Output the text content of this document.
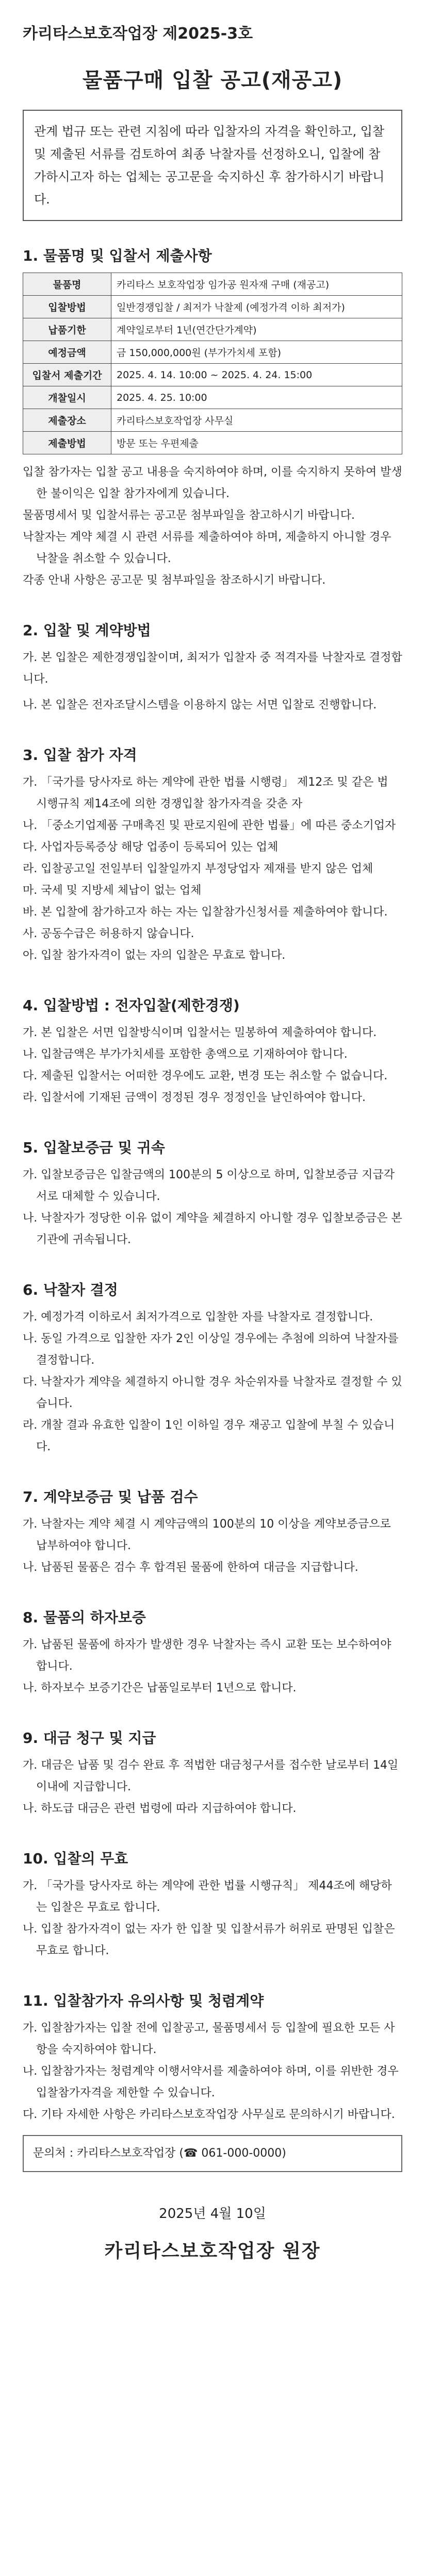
카리타스보호작업장 제2025-3호
물품구매 입찰 공고(재공고)
관계 법규 또는 관련 지침에 따라 입찰자의 자격을 확인하고, 입찰 및 제출된 서류를 검토하여 최종 낙찰자를 선정하오니, 입찰에 참가하시고자 하는 업체는 공고문을 숙지하신 후 참가하시기 바랍니다.
1. 물품명 및 입찰서 제출사항
물품명	카리타스 보호작업장 임가공 원자재 구매 (재공고)
입찰방법	일반경쟁입찰 / 최저가 낙찰제 (예정가격 이하 최저가)
납품기한	계약일로부터 1년(연간단가계약)
예정금액	금 150,000,000원 (부가가치세 포함)
입찰서 제출기간	2025. 4. 14. 10:00 ~ 2025. 4. 24. 15:00
개찰일시	2025. 4. 25. 10:00
제출장소	카리타스보호작업장 사무실
제출방법	방문 또는 우편제출
입찰 참가자는 입찰 공고 내용을 숙지하여야 하며, 이를 숙지하지 못하여 발생한 불이익은 입찰 참가자에게 있습니다.
물품명세서 및 입찰서류는 공고문 첨부파일을 참고하시기 바랍니다.
낙찰자는 계약 체결 시 관련 서류를 제출하여야 하며, 제출하지 아니할 경우 낙찰을 취소할 수 있습니다.
각종 안내 사항은 공고문 및 첨부파일을 참조하시기 바랍니다.
2. 입찰 및 계약방법

가. 본 입찰은 제한경쟁입찰이며, 최저가 입찰자 중 적격자를 낙찰자로 결정합니다.

나. 본 입찰은 전자조달시스템을 이용하지 않는 서면 입찰로 진행합니다.

3. 입찰 참가 자격
가. 「국가를 당사자로 하는 계약에 관한 법률 시행령」 제12조 및 같은 법 시행규칙 제14조에 의한 경쟁입찰 참가자격을 갖춘 자
나. 「중소기업제품 구매촉진 및 판로지원에 관한 법률」에 따른 중소기업자
다. 사업자등록증상 해당 업종이 등록되어 있는 업체
라. 입찰공고일 전일부터 입찰일까지 부정당업자 제재를 받지 않은 업체
마. 국세 및 지방세 체납이 없는 업체
바. 본 입찰에 참가하고자 하는 자는 입찰참가신청서를 제출하여야 합니다.
사. 공동수급은 허용하지 않습니다.
아. 입찰 참가자격이 없는 자의 입찰은 무효로 합니다.
4. 입찰방법 : 전자입찰(제한경쟁)
가. 본 입찰은 서면 입찰방식이며 입찰서는 밀봉하여 제출하여야 합니다.
나. 입찰금액은 부가가치세를 포함한 총액으로 기재하여야 합니다.
다. 제출된 입찰서는 어떠한 경우에도 교환, 변경 또는 취소할 수 없습니다.
라. 입찰서에 기재된 금액이 정정된 경우 정정인을 날인하여야 합니다.
5. 입찰보증금 및 귀속
가. 입찰보증금은 입찰금액의 100분의 5 이상으로 하며, 입찰보증금 지급각서로 대체할 수 있습니다.
나. 낙찰자가 정당한 이유 없이 계약을 체결하지 아니할 경우 입찰보증금은 본 기관에 귀속됩니다.
6. 낙찰자 결정
가. 예정가격 이하로서 최저가격으로 입찰한 자를 낙찰자로 결정합니다.
나. 동일 가격으로 입찰한 자가 2인 이상일 경우에는 추첨에 의하여 낙찰자를 결정합니다.
다. 낙찰자가 계약을 체결하지 아니할 경우 차순위자를 낙찰자로 결정할 수 있습니다.
라. 개찰 결과 유효한 입찰이 1인 이하일 경우 재공고 입찰에 부칠 수 있습니다.
7. 계약보증금 및 납품 검수
가. 낙찰자는 계약 체결 시 계약금액의 100분의 10 이상을 계약보증금으로 납부하여야 합니다.
나. 납품된 물품은 검수 후 합격된 물품에 한하여 대금을 지급합니다.
8. 물품의 하자보증
가. 납품된 물품에 하자가 발생한 경우 낙찰자는 즉시 교환 또는 보수하여야 합니다.
나. 하자보수 보증기간은 납품일로부터 1년으로 합니다.
9. 대금 청구 및 지급
가. 대금은 납품 및 검수 완료 후 적법한 대금청구서를 접수한 날로부터 14일 이내에 지급합니다.
나. 하도급 대금은 관련 법령에 따라 지급하여야 합니다.
10. 입찰의 무효
가. 「국가를 당사자로 하는 계약에 관한 법률 시행규칙」 제44조에 해당하는 입찰은 무효로 합니다.
나. 입찰 참가자격이 없는 자가 한 입찰 및 입찰서류가 허위로 판명된 입찰은 무효로 합니다.
11. 입찰참가자 유의사항 및 청렴계약
가. 입찰참가자는 입찰 전에 입찰공고, 물품명세서 등 입찰에 필요한 모든 사항을 숙지하여야 합니다.
나. 입찰참가자는 청렴계약 이행서약서를 제출하여야 하며, 이를 위반한 경우 입찰참가자격을 제한할 수 있습니다.
다. 기타 자세한 사항은 카리타스보호작업장 사무실로 문의하시기 바랍니다.
문의처 : 카리타스보호작업장 (☎ 061-000-0000)
2025년 4월 10일
카리타스보호작업장 원장
